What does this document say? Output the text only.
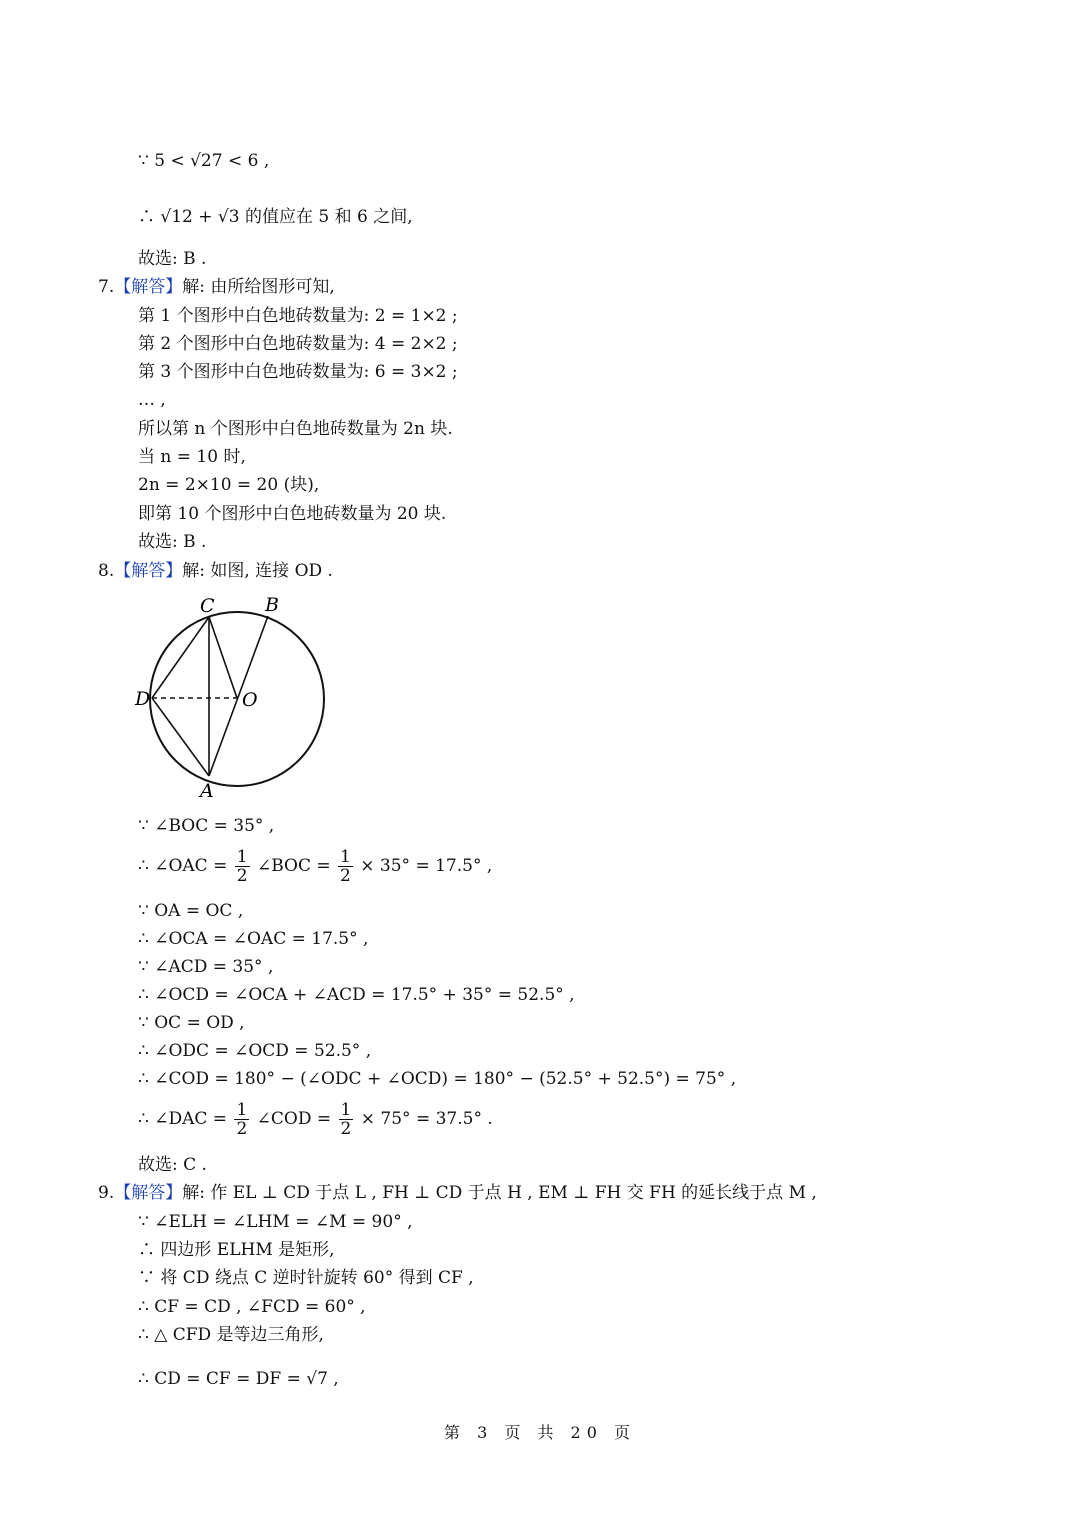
∵ 5 < √27 < 6 ,
∴ √12 + √3 的值应在 5 和 6 之间,
故选: B .
7.【解答】解: 由所给图形可知,
第 1 个图形中白色地砖数量为: 2 = 1×2 ;
第 2 个图形中白色地砖数量为: 4 = 2×2 ;
第 3 个图形中白色地砖数量为: 6 = 3×2 ;
… ,
所以第 n 个图形中白色地砖数量为 2n 块.
当 n = 10 时,
2n = 2×10 = 20 (块),
即第 10 个图形中白色地砖数量为 20 块.
故选: B .
8.【解答】解: 如图, 连接 OD .
C	B
D	O
A
∵ ∠BOC = 35° ,
∴ ∠OAC = $\frac{1}{2}$ ∠BOC = $\frac{1}{2} \times 35^\circ = 17.5^\circ$ ,
∵ OA = OC ,
∴ ∠OCA = ∠OAC = 17.5° ,
∵ ∠ACD = 35° ,
∴ ∠OCD = ∠OCA + ∠ACD = 17.5° + 35° = 52.5° ,
∵ OC = OD ,
∴ ∠ODC = ∠OCD = 52.5° ,
∴ ∠COD = 180° − (∠ODC + ∠OCD) = 180° − (52.5° + 52.5°) = 75° ,
∴ ∠DAC = $\frac{1}{2}$ ∠COD = $\frac{1}{2} \times 75^\circ = 37.5^\circ$ .
故选: C .
9.【解答】解: 作 EL ⊥ CD 于点 L , FH ⊥ CD 于点 H , EM ⊥ FH 交 FH 的延长线于点 M ,
∵ ∠ELH = ∠LHM = ∠M = 90° ,
∴ 四边形 ELHM 是矩形,
∵ 将 CD 绕点 C 逆时针旋转 60° 得到 CF ,
∴ CF = CD , ∠FCD = 60° ,
∴ △ CFD 是等边三角形,
∴ CD = CF = DF = √7 ,
第 3 页 共 20 页
